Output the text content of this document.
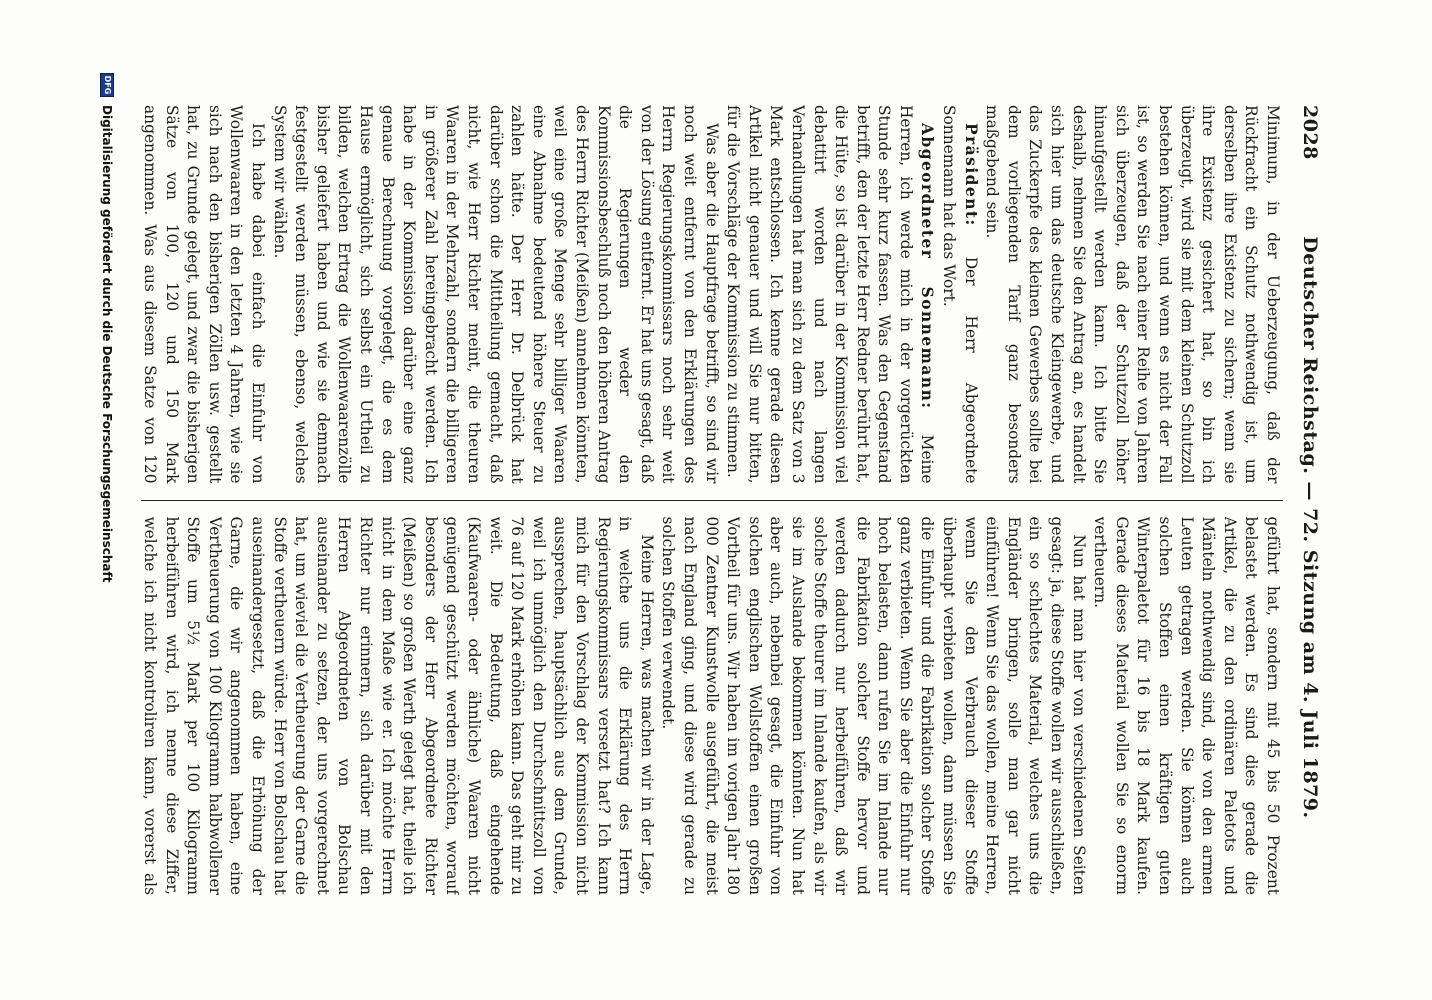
2028
Deutscher Reichstag. — 72. Sitzung am 4. Juli 1879.

Minimum, in der Ueberzeugung, daß der Rückfracht ein Schutz nothwendig ist, um derselben ihre Existenz zu sichern; wenn sie ihre Existenz gesichert hat, so bin ich überzeugt, wird sie mit dem kleinen Schutzzoll bestehen können, und wenn es nicht der Fall ist, so werden Sie nach einer Reihe von Jahren sich überzeugen, daß der Schutzzoll höher hinaufgestellt werden kann. Ich bitte Sie deshalb, nehmen Sie den Antrag an, es handelt sich hier um das deutsche Kleingewerbe, und das Zuckerpfe des kleinen Gewerbes sollte bei dem vorliegenden Tarif ganz besonders maßgebend sein.

Präsident: Der Herr Abgeordnete Sonnemann hat das Wort.

Abgeordneter Sonnemann: Meine Herren, ich werde mich in der vorgerückten Stunde sehr kurz fassen. Was den Gegenstand betrifft, den der letzte Herr Redner berührt hat, die Hüte, so ist darüber in der Kommission viel debattirt worden und nach langen Verhandlungen hat man sich zu dem Satz von 3 Mark entschlossen. Ich kenne gerade diesen Artikel nicht genauer und will Sie nur bitten, für die Vorschläge der Kommission zu stimmen.

Was aber die Hauptfrage betrifft, so sind wir noch weit entfernt von den Erklärungen des Herrn Regierungskommissars noch sehr weit von der Lösung entfernt. Er hat uns gesagt, daß die Regierungen weder den Kommissionsbeschluß noch den höheren Antrag des Herrn Richter (Meißen) annehmen könnten, weil eine große Menge sehr billiger Waaren eine Abnahme bedeutend höhere Steuer zu zahlen hätte. Der Herr Dr. Delbrück hat darüber schon die Mittheilung gemacht, daß nicht, wie Herr Richter meint, die theuren Waaren in der Mehrzahl, sondern die billigeren in größerer Zahl hereingebracht werden. Ich habe in der Kommission darüber eine ganz genaue Berechnung vorgelegt, die es dem Hause ermöglicht, sich selbst ein Urtheil zu bilden, welchen Ertrag die Wollenwaarenzölle bisher geliefert haben und wie sie demnach festgestellt werden müssen, ebenso, welches System wir wählen.

Ich habe dabei einfach die Einfuhr von Wollenwaaren in den letzten 4 Jahren, wie sie sich nach den bisherigen Zöllen usw. gestellt hat, zu Grunde gelegt, und zwar die bisherigen Sätze von 100, 120 und 150 Mark angenommen. Was aus diesem Satze von 120

geführt hat, sondern mit 45 bis 50 Prozent belastet werden. Es sind dies gerade die Artikel, die zu den ordinären Paletots und Mänteln nothwendig sind, die von den armen Leuten getragen werden. Sie können auch solchen Stoffen einen kräftigen guten Winterpaletot für 16 bis 18 Mark kaufen. Gerade dieses Material wollen Sie so enorm vertheuern.

Nun hat man hier von verschiedenen Seiten gesagt: ja, diese Stoffe wollen wir ausschließen, ein so schlechtes Material, welches uns die Engländer bringen, solle man gar nicht einführen! Wenn Sie das wollen, meine Herren, wenn Sie den Verbrauch dieser Stoffe überhaupt verbieten wollen, dann müssen Sie die Einfuhr und die Fabrikation solcher Stoffe ganz verbieten. Wenn Sie aber die Einfuhr nur hoch belasten, dann rufen Sie im Inlande nur die Fabrikation solcher Stoffe hervor und werden dadurch nur herbeiführen, daß wir solche Stoffe theurer im Inlande kaufen, als wir sie im Auslande bekommen könnten. Nun hat aber auch, nebenbei gesagt, die Einfuhr von solchen englischen Wollstoffen einen großen Vortheil für uns. Wir haben im vorigen Jahr 180 000 Zentner Kunstwolle ausgeführt, die meist nach England ging, und diese wird gerade zu solchen Stoffen verwendet.

Meine Herren, was machen wir in der Lage, in welche uns die Erklärung des Herrn Regierungskommissars versetzt hat? Ich kann mich für den Vorschlag der Kommission nicht aussprechen, hauptsächlich aus dem Grunde, weil ich unmöglich den Durchschnittszoll von 76 auf 120 Mark erhöhen kann. Das geht mir zu weit. Die Bedeutung, daß eingehende (Kaufwaaren- oder ähnliche) Waaren nicht genügend geschützt werden möchten, worauf besonders der Herr Abgeordnete Richter (Meißen) so großen Werth gelegt hat, theile ich nicht in dem Maße wie er. Ich möchte Herrn Richter nur erinnern, sich darüber mit den Herren Abgeordneten von Bolschau auseinander zu setzen, der uns vorgerechnet hat, um wieviel die Vertheuerung der Garne die Stoffe vertheuern würde. Herr von Bolschau hat auseinandergesetzt, daß die Erhöhung der Garne, die wir angenommen haben, eine Vertheuerung von 100 Kilogramm halbwollener Stoffe um 5½ Mark per 100 Kilogramm herbeiführen wird, ich nenne diese Ziffer, welche ich nicht kontroliren kann, vorerst als

DFG
Digitalisierung gefördert durch die Deutsche Forschungsgemeinschaft
